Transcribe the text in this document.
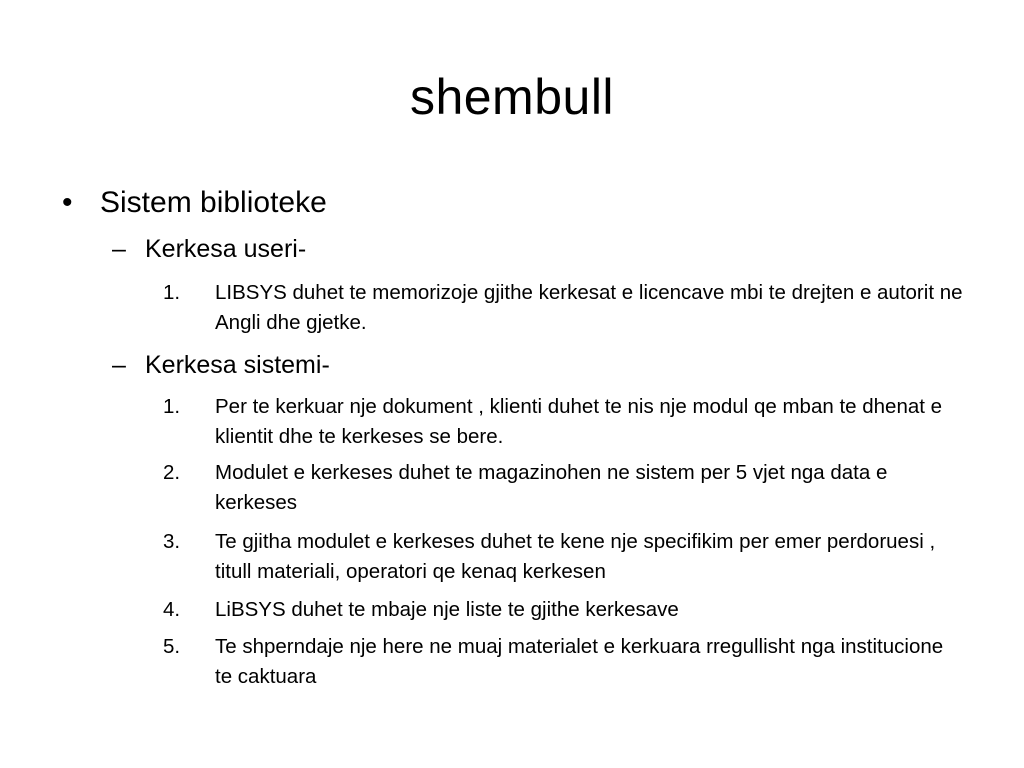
shembull
• Sistem biblioteke
– Kerkesa useri-
1.	LIBSYS duhet te memorizoje gjithe kerkesat e licencave mbi te drejten e autorit ne Angli dhe gjetke.
– Kerkesa sistemi-
1.	Per te kerkuar nje dokument , klienti duhet te nis nje modul qe mban te dhenat e klientit dhe te kerkeses se bere.
2.	Modulet e kerkeses duhet te magazinohen ne sistem per 5 vjet nga data e kerkeses
3.	Te gjitha modulet e kerkeses duhet te kene nje specifikim per emer perdoruesi , titull materiali, operatori qe kenaq kerkesen
4.	LiBSYS duhet te mbaje nje liste te gjithe kerkesave
5.	Te shperndaje nje here ne muaj materialet e kerkuara rregullisht nga institucione te caktuara
